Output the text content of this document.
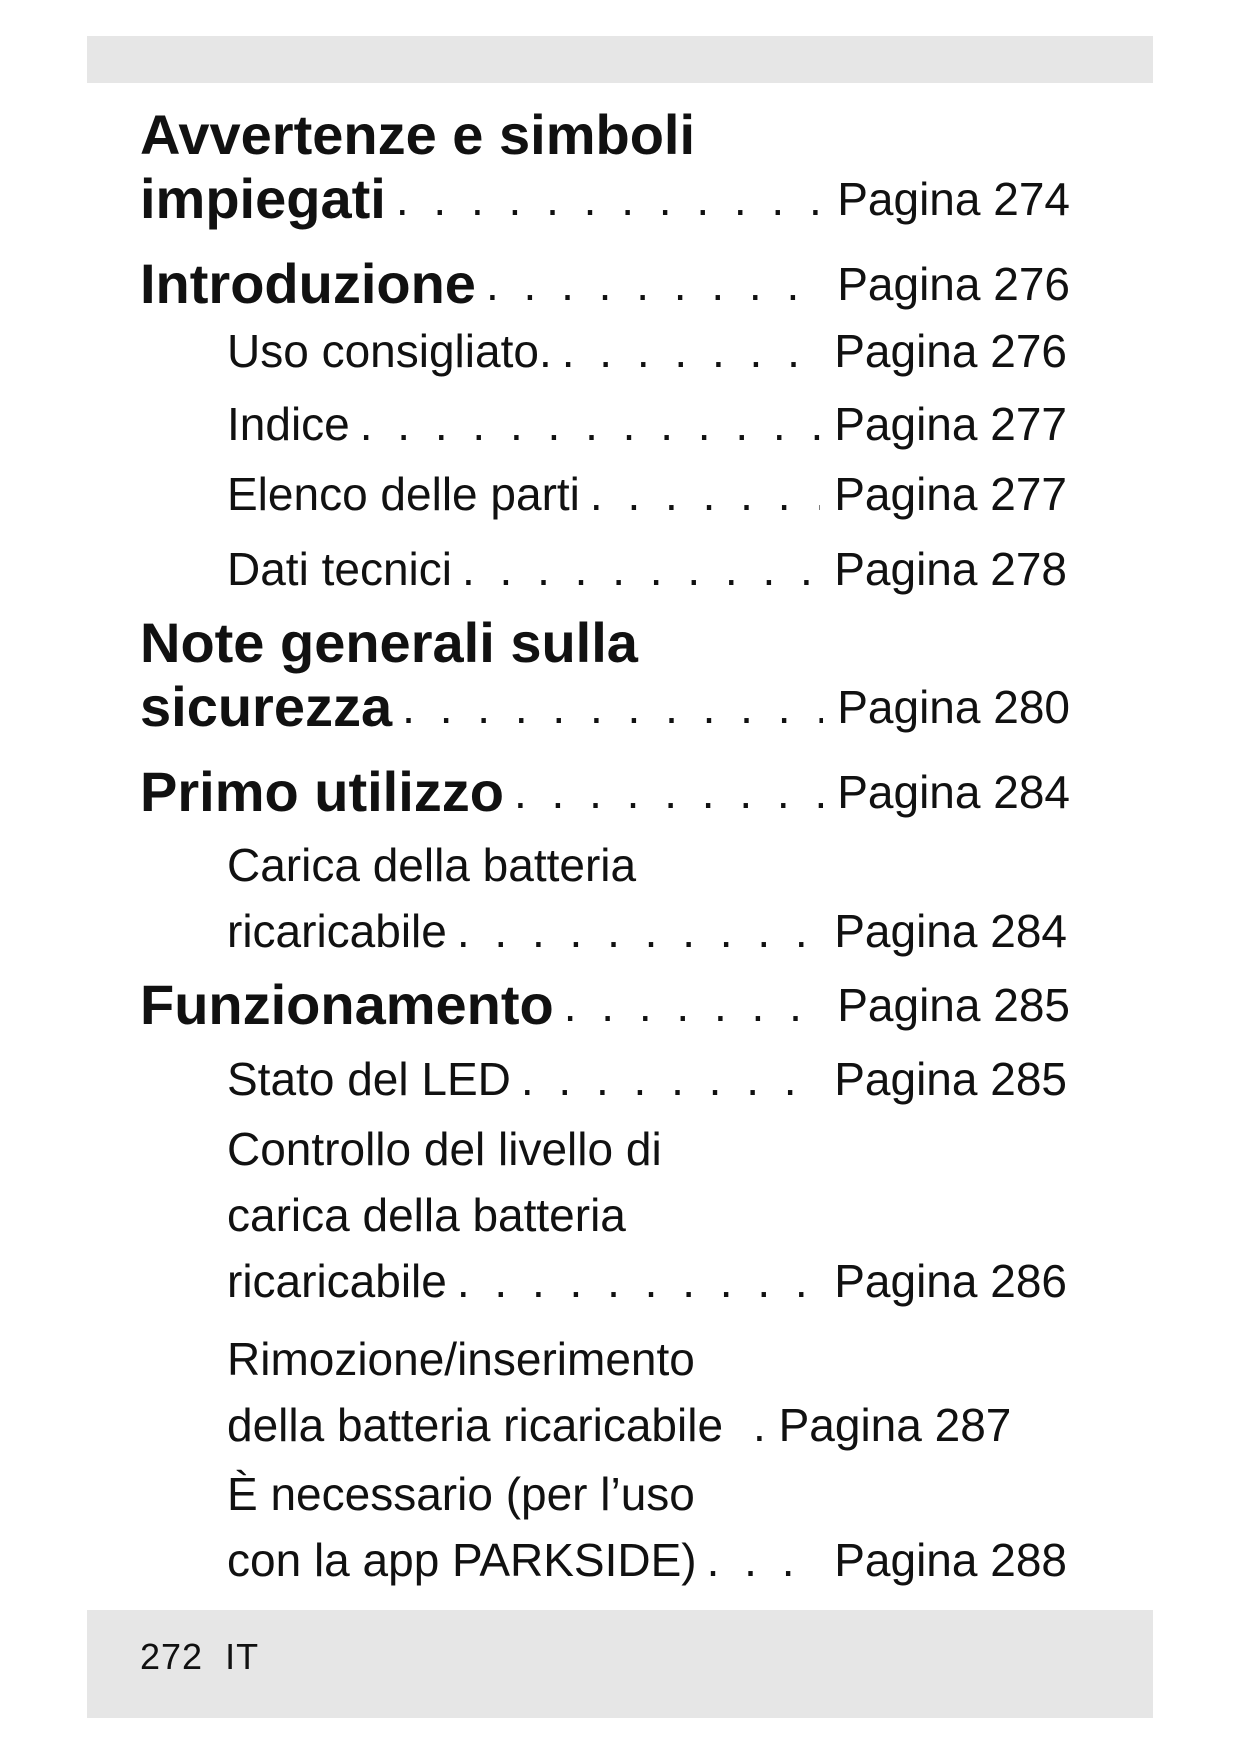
Avvertenze e simboli
impiegati . . .	Pagina 274
Introduzione . . .	Pagina 276
Uso consigliato. . . .	Pagina 276
Indice . . .	Pagina 277
Elenco delle parti . . .	Pagina 277
Dati tecnici . . .	Pagina 278
Note generali sulla
sicurezza . . .	Pagina 280
Primo utilizzo . . .	Pagina 284
Carica della batteria
ricaricabile . . .	Pagina 284
Funzionamento . . .	Pagina 285
Stato del LED . . .	Pagina 285
Controllo del livello di
carica della batteria
ricaricabile . . .	Pagina 286
Rimozione/inserimento
della batteria ricaricabile . Pagina 287
È necessario (per l’uso
con la app PARKSIDE) . . .	Pagina 288
272 IT
